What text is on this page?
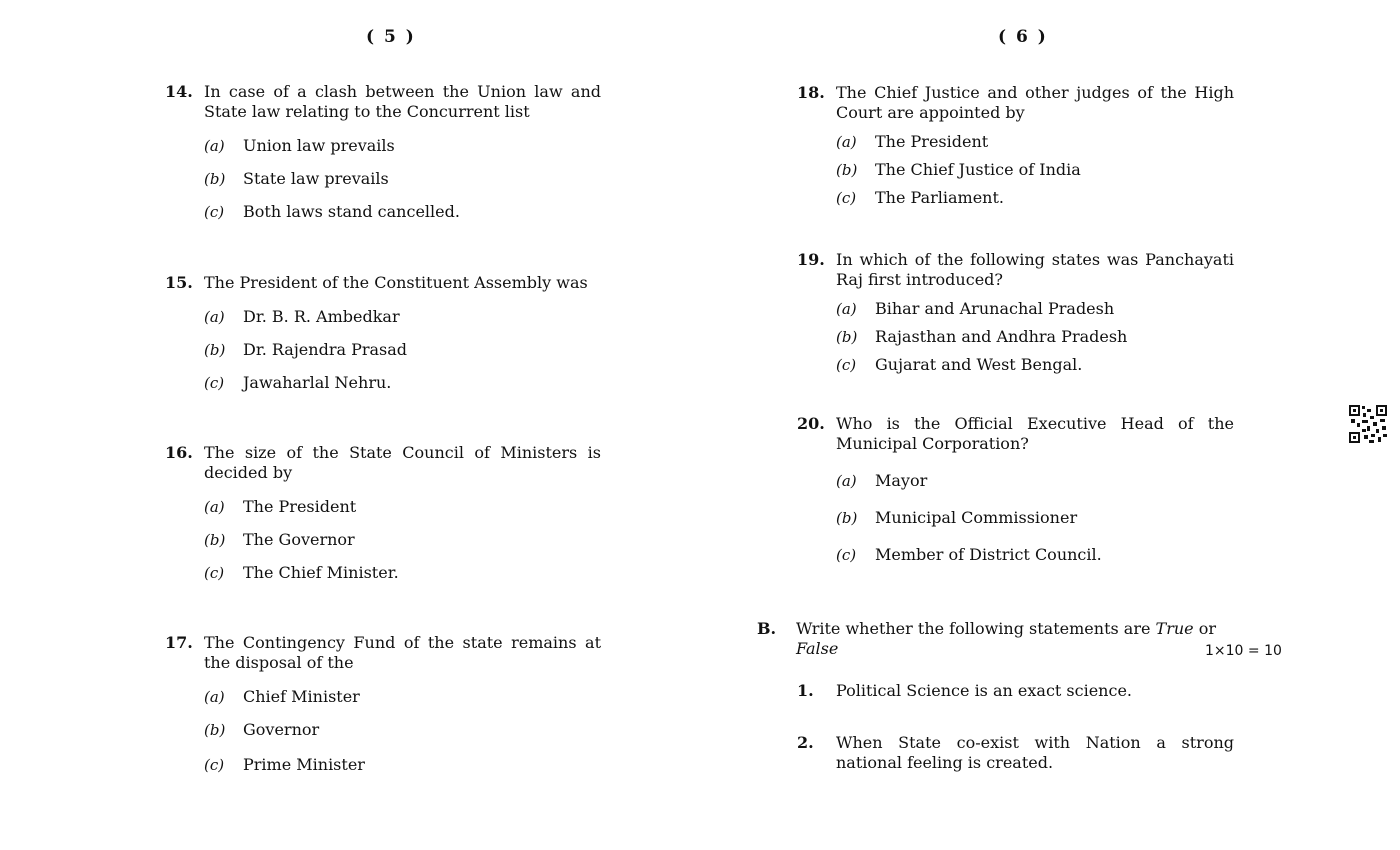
( 5 )
14. In case of a clash between the Union law and State law relating to the Concurrent list
(a)	Union law prevails
(b)	State law prevails
(c)	Both laws stand cancelled.
15. The President of the Constituent Assembly was
(a)	Dr. B. R. Ambedkar
(b)	Dr. Rajendra Prasad
(c)	Jawaharlal Nehru.
16. The size of the State Council of Ministers is decided by
(a)	The President
(b)	The Governor
(c)	The Chief Minister.
17. The Contingency Fund of the state remains at the disposal of the
(a)	Chief Minister
(b)	Governor
(c)	Prime Minister
( 6 )
18. The Chief Justice and other judges of the High Court are appointed by
(a)	The President
(b)	The Chief Justice of India
(c)	The Parliament.
19. In which of the following states was Panchayati Raj first introduced?
(a)	Bihar and Arunachal Pradesh
(b)	Rajasthan and Andhra Pradesh
(c)	Gujarat and West Bengal.
20. Who is the Official Executive Head of the Municipal Corporation?
(a)	Mayor
(b)	Municipal Commissioner
(c)	Member of District Council.
B.	Write whether the following statements are True or
False	1×10 = 10
1.	Political Science is an exact science.
2.	When State co-exist with Nation a strong national feeling is created.
